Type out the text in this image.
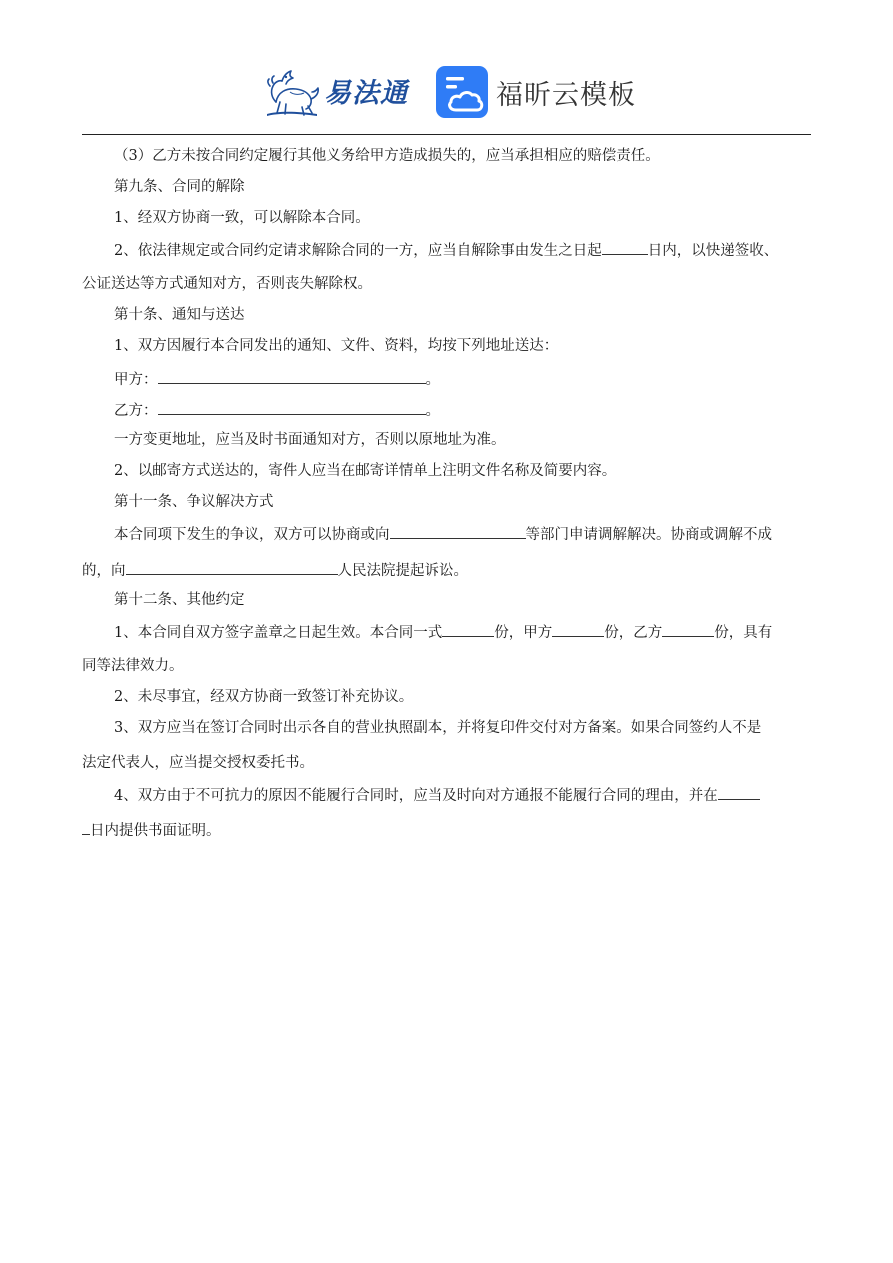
易法通	福昕云模板
（3）乙方未按合同约定履行其他义务给甲方造成损失的，应当承担相应的赔偿责任。
第九条、合同的解除
1、经双方协商一致，可以解除本合同。
2、依法律规定或合同约定请求解除合同的一方，应当自解除事由发生之日起	日内，以快递签收、
公证送达等方式通知对方，否则丧失解除权。
第十条、通知与送达
1、双方因履行本合同发出的通知、文件、资料，均按下列地址送达：
甲方：	。
乙方：	。
一方变更地址，应当及时书面通知对方，否则以原地址为准。
2、以邮寄方式送达的，寄件人应当在邮寄详情单上注明文件名称及简要内容。
第十一条、争议解决方式
本合同项下发生的争议，双方可以协商或向	等部门申请调解解决。协商或调解不成
的，向	人民法院提起诉讼。
第十二条、其他约定
1、本合同自双方签字盖章之日起生效。本合同一式	份，甲方	份，乙方	份，具有
同等法律效力。
2、未尽事宜，经双方协商一致签订补充协议。
3、双方应当在签订合同时出示各自的营业执照副本，并将复印件交付对方备案。如果合同签约人不是
法定代表人，应当提交授权委托书。
4、双方由于不可抗力的原因不能履行合同时，应当及时向对方通报不能履行合同的理由，并在
日内提供书面证明。
